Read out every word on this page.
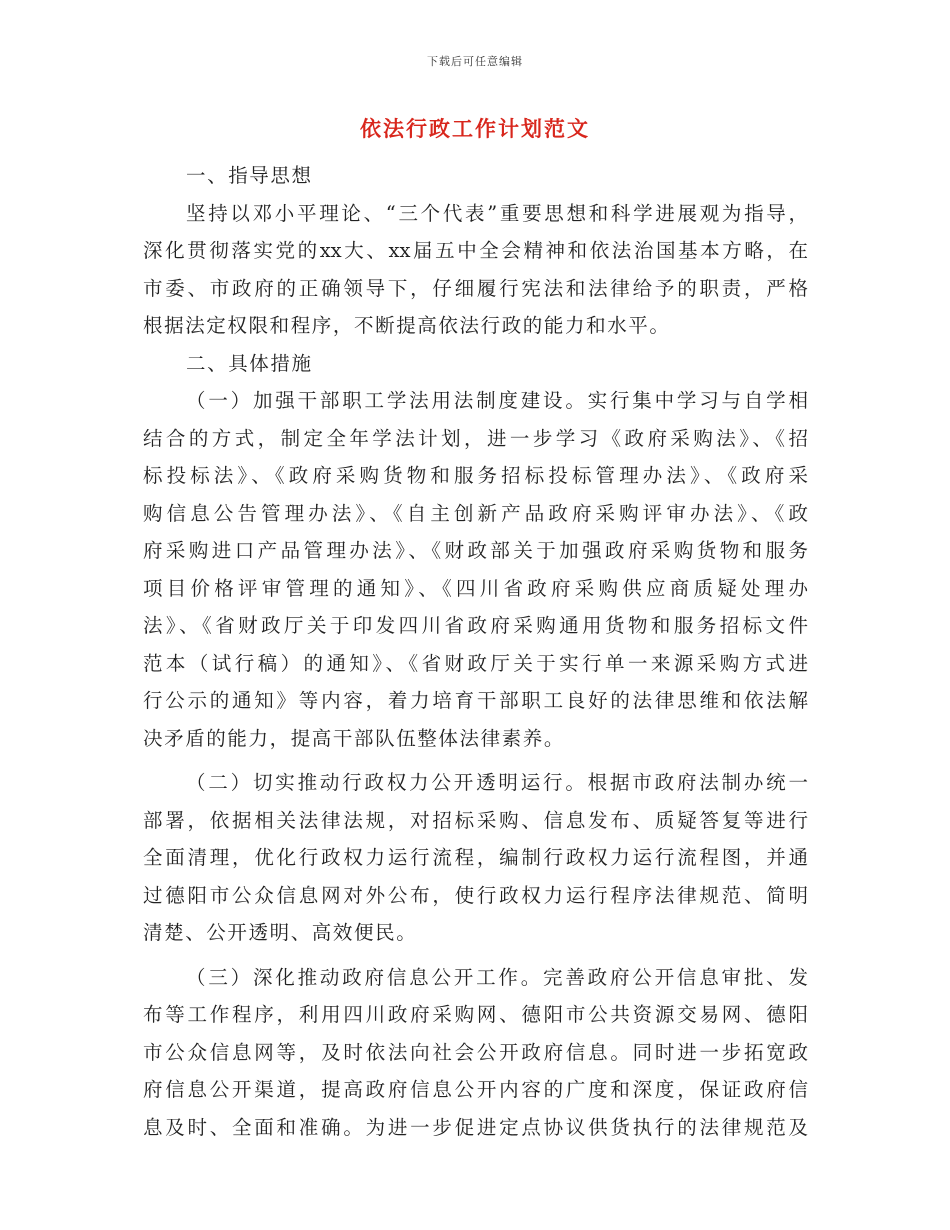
下载后可任意编辑
依法行政工作计划范文
一、指导思想
坚持以邓小平理论、“三个代表”重要思想和科学进展观为指导，
深化贯彻落实党的xx大、xx届五中全会精神和依法治国基本方略，在
市委、市政府的正确领导下，仔细履行宪法和法律给予的职责，严格
根据法定权限和程序，不断提高依法行政的能力和水平。
二、具体措施
（一）加强干部职工学法用法制度建设。实行集中学习与自学相
结合的方式，制定全年学法计划，进一步学习《政府采购法》、《招
标投标法》、《政府采购货物和服务招标投标管理办法》、《政府采
购信息公告管理办法》、《自主创新产品政府采购评审办法》、《政
府采购进口产品管理办法》、《财政部关于加强政府采购货物和服务
项目价格评审管理的通知》、《四川省政府采购供应商质疑处理办
法》、《省财政厅关于印发四川省政府采购通用货物和服务招标文件
范本（试行稿）的通知》、《省财政厅关于实行单一来源采购方式进
行公示的通知》等内容，着力培育干部职工良好的法律思维和依法解
决矛盾的能力，提高干部队伍整体法律素养。
（二）切实推动行政权力公开透明运行。根据市政府法制办统一
部署，依据相关法律法规，对招标采购、信息发布、质疑答复等进行
全面清理，优化行政权力运行流程，编制行政权力运行流程图，并通
过德阳市公众信息网对外公布，使行政权力运行程序法律规范、简明
清楚、公开透明、高效便民。
（三）深化推动政府信息公开工作。完善政府公开信息审批、发
布等工作程序，利用四川政府采购网、德阳市公共资源交易网、德阳
市公众信息网等，及时依法向社会公开政府信息。同时进一步拓宽政
府信息公开渠道，提高政府信息公开内容的广度和深度，保证政府信
息及时、全面和准确。为进一步促进定点协议供货执行的法律规范及
